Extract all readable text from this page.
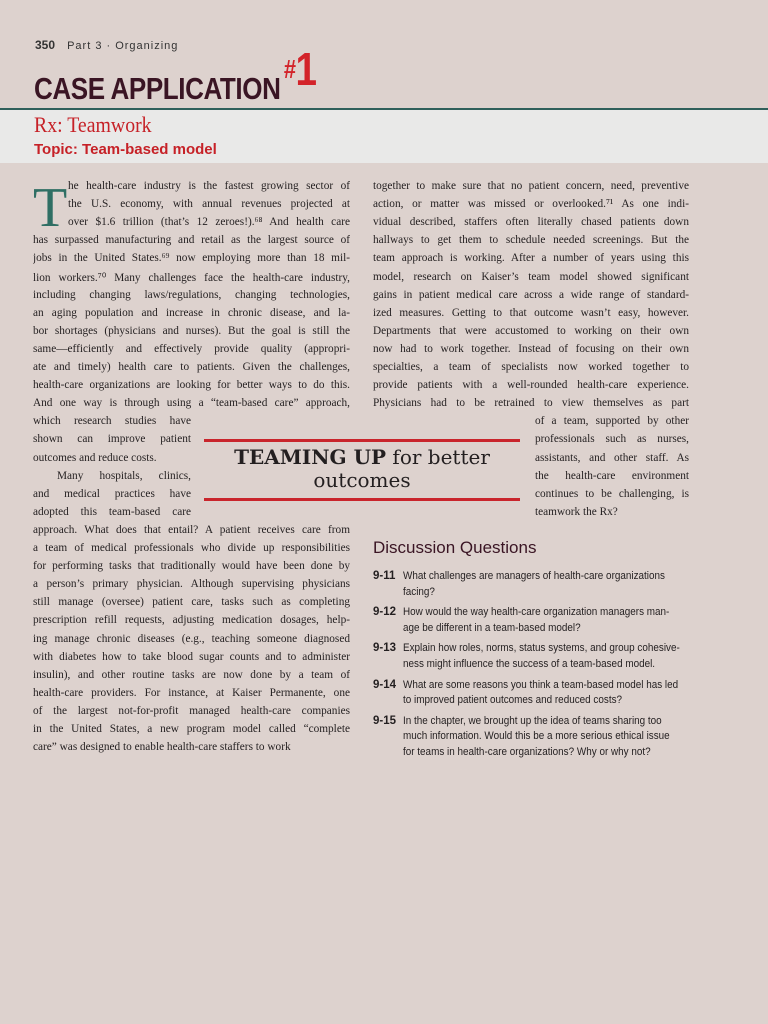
350 Part 3 · Organizing
CASE APPLICATION#1
Rx: Teamwork
Topic: Team-based model
T
TEAMING UP for better
outcomes
Discussion Questions
9-11 What challenges are managers of health-care organizations
facing?
9-12 How would the way health-care organization managers man-
age be different in a team-based model?
9-13 Explain how roles, norms, status systems, and group cohesive-
ness might influence the success of a team-based model.
9-14 What are some reasons you think a team-based model has led
to improved patient outcomes and reduced costs?
9-15 In the chapter, we brought up the idea of teams sharing too
much information. Would this be a more serious ethical issue
for teams in health-care organizations? Why or why not?
he health-care industry is the fastest growing sector of
the U.S. economy, with annual revenues projected at
over $1.6 trillion (that’s 12 zeroes!).⁶⁸ And health care
has surpassed manufacturing and retail as the largest source of
jobs in the United States.⁶⁹ now employing more than 18 mil-
lion workers.⁷⁰ Many challenges face the health-care industry,
including changing laws/regulations, changing technologies,
an aging population and increase in chronic disease, and la-
bor shortages (physicians and nurses). But the goal is still the
same—efficiently and effectively provide quality (appropri-
ate and timely) health care to patients. Given the challenges,
health-care organizations are looking for better ways to do this.
And one way is through using a “team-based care” approach,
which research studies have
shown can improve patient
outcomes and reduce costs.
Many hospitals, clinics,
and medical practices have
adopted this team-based care
approach. What does that entail? A patient receives care from
a team of medical professionals who divide up responsibilities
for performing tasks that traditionally would have been done by
a person’s primary physician. Although supervising physicians
still manage (oversee) patient care, tasks such as completing
prescription refill requests, adjusting medication dosages, help-
ing manage chronic diseases (e.g., teaching someone diagnosed
with diabetes how to take blood sugar counts and to administer
insulin), and other routine tasks are now done by a team of
health-care providers. For instance, at Kaiser Permanente, one
of the largest not-for-profit managed health-care companies
in the United States, a new program model called “complete
care” was designed to enable health-care staffers to work
together to make sure that no patient concern, need, preventive
action, or matter was missed or overlooked.⁷¹ As one indi-
vidual described, staffers often literally chased patients down
hallways to get them to schedule needed screenings. But the
team approach is working. After a number of years using this
model, research on Kaiser’s team model showed significant
gains in patient medical care across a wide range of standard-
ized measures. Getting to that outcome wasn’t easy, however.
Departments that were accustomed to working on their own
now had to work together. Instead of focusing on their own
specialties, a team of specialists now worked together to
provide patients with a well-rounded health-care experience.
Physicians had to be retrained to view themselves as part
of a team, supported by other
professionals such as nurses,
assistants, and other staff. As
the health-care environment
continues to be challenging, is
teamwork the Rx?
